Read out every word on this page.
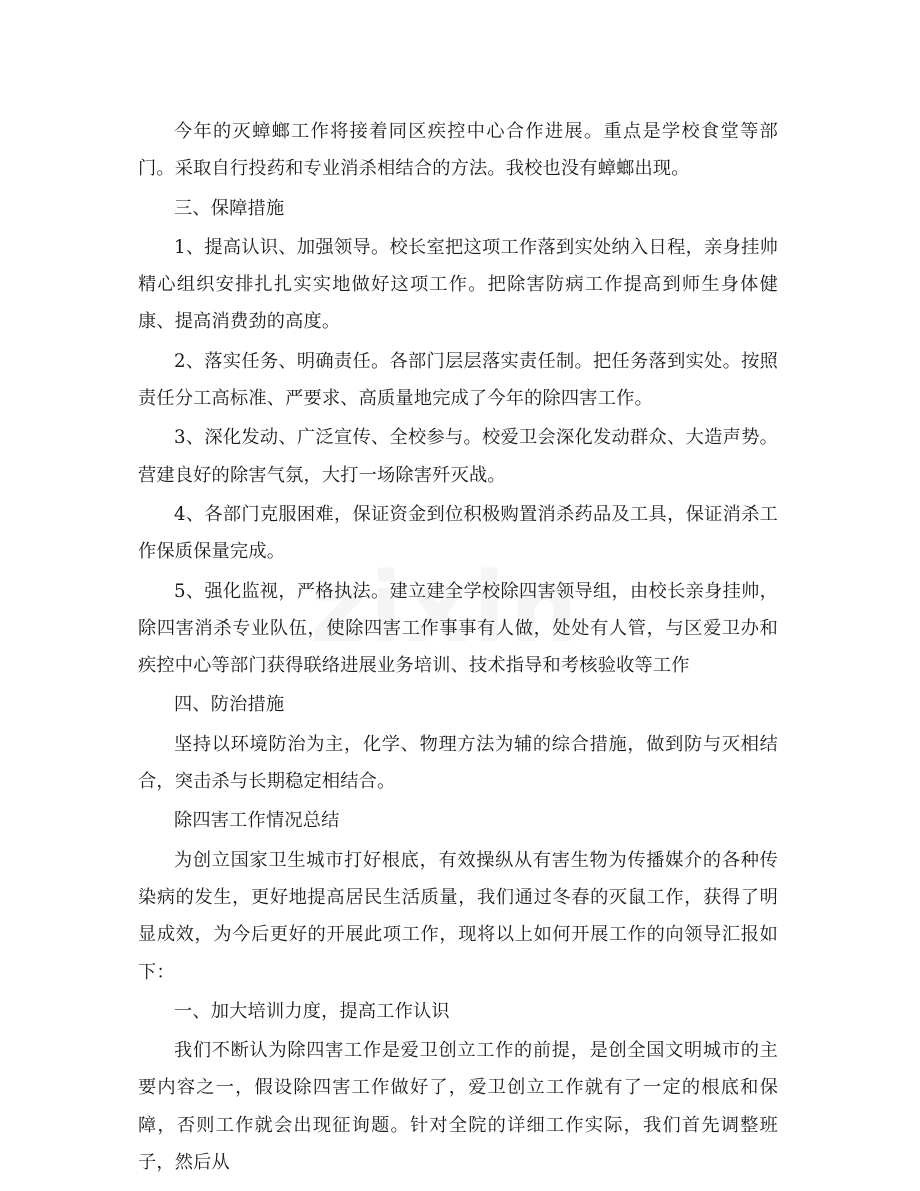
今年的灭蟑螂工作将接着同区疾控中心合作进展。重点是学校食堂等部门。采取自行投药和专业消杀相结合的方法。我校也没有蟑螂出现。

三、保障措施

1、提高认识、加强领导。校长室把这项工作落到实处纳入日程，亲身挂帅精心组织安排扎扎实实地做好这项工作。把除害防病工作提高到师生身体健康、提高消费劲的高度。

2、落实任务、明确责任。各部门层层落实责任制。把任务落到实处。按照责任分工高标准、严要求、高质量地完成了今年的除四害工作。

3、深化发动、广泛宣传、全校参与。校爱卫会深化发动群众、大造声势。营建良好的除害气氛，大打一场除害歼灭战。

4、各部门克服困难，保证资金到位积极购置消杀药品及工具，保证消杀工作保质保量完成。

5、强化监视，严格执法。建立建全学校除四害领导组，由校长亲身挂帅，除四害消杀专业队伍，使除四害工作事事有人做，处处有人管，与区爱卫办和疾控中心等部门获得联络进展业务培训、技术指导和考核验收等工作

四、防治措施

坚持以环境防治为主，化学、物理方法为辅的综合措施，做到防与灭相结合，突击杀与长期稳定相结合。

除四害工作情况总结

为创立国家卫生城市打好根底，有效操纵从有害生物为传播媒介的各种传染病的发生，更好地提高居民生活质量，我们通过冬春的灭鼠工作，获得了明显成效，为今后更好的开展此项工作，现将以上如何开展工作的向领导汇报如下：

一、加大培训力度，提高工作认识

我们不断认为除四害工作是爱卫创立工作的前提，是创全国文明城市的主要内容之一，假设除四害工作做好了，爱卫创立工作就有了一定的根底和保障，否则工作就会出现征询题。针对全院的详细工作实际，我们首先调整班子，然后从
